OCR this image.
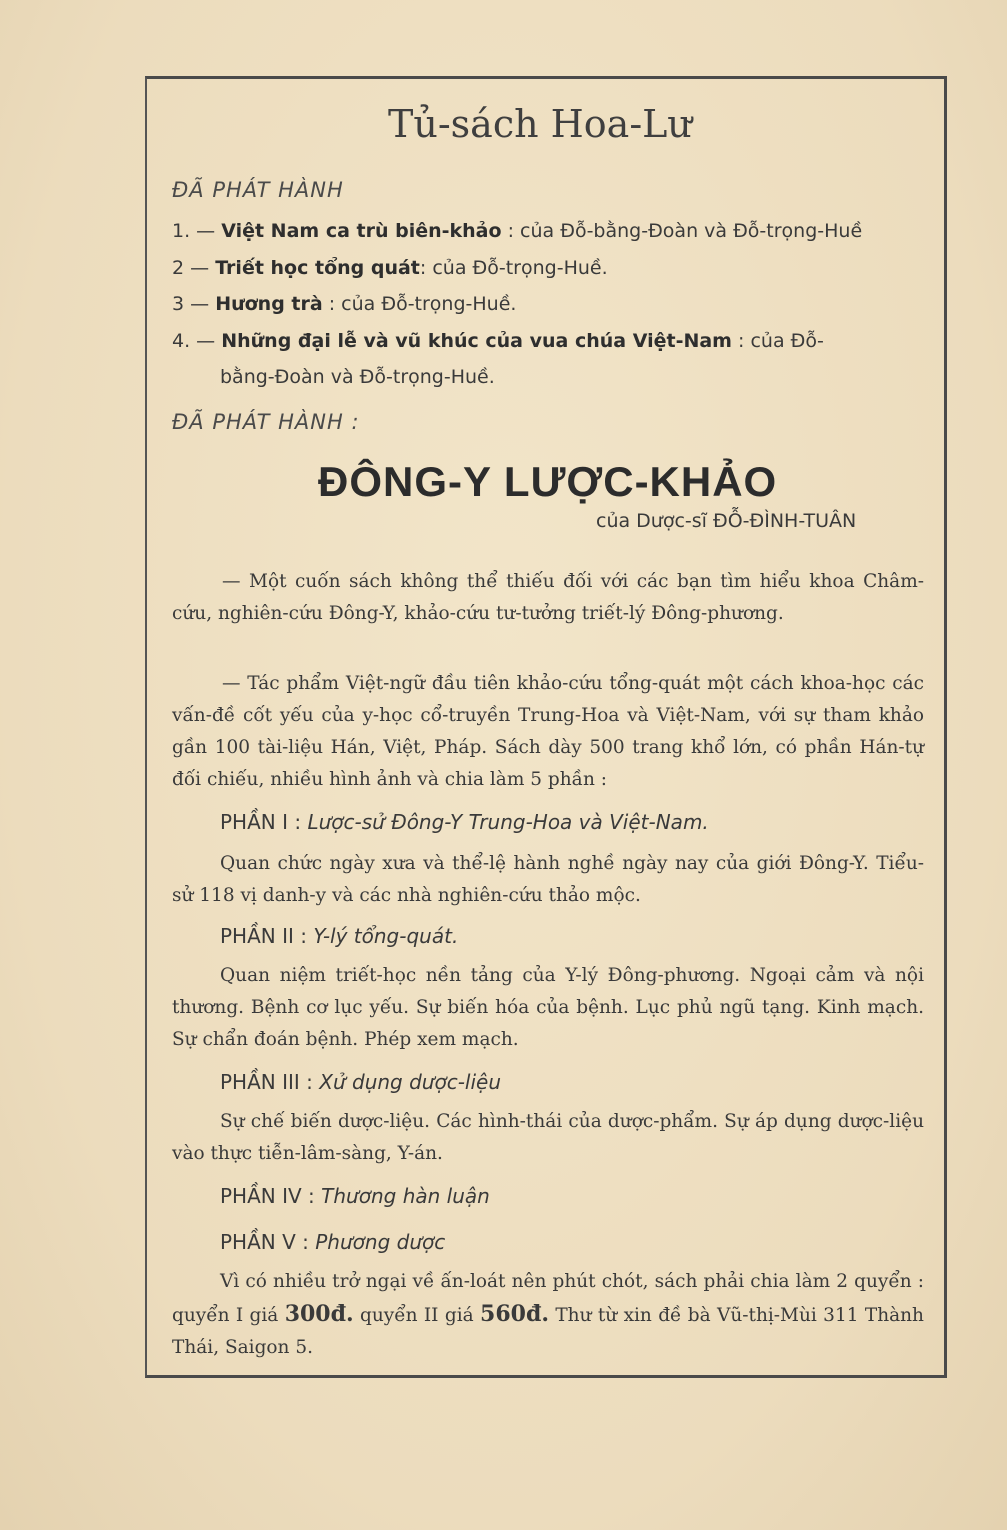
Tủ-sách Hoa-Lư
ĐÃ PHÁT HÀNH
1. — Việt Nam ca trù biên-khảo : của Đỗ-bằng-Đoàn và Đỗ-trọng-Huề
2 — Triết học tổng quát: của Đỗ-trọng-Huề.
3 — Hương trà : của Đỗ-trọng-Huề.
4. — Những đại lễ và vũ khúc của vua chúa Việt-Nam : của Đỗ-
bằng-Đoàn và Đỗ-trọng-Huề.
ĐÃ PHÁT HÀNH :
ĐÔNG-Y LƯỢC-KHẢO
của Dược-sĩ ĐỖ-ĐÌNH-TUÂN
— Một cuốn sách không thể thiếu đối với các bạn tìm hiểu khoa Châm-cứu, nghiên-cứu Đông-Y, khảo-cứu tư-tưởng triết-lý Đông-phương.
— Tác phẩm Việt-ngữ đầu tiên khảo-cứu tổng-quát một cách khoa-học các vấn-đề cốt yếu của y-học cổ-truyền Trung-Hoa và Việt-Nam, với sự tham khảo gần 100 tài-liệu Hán, Việt, Pháp. Sách dày 500 trang khổ lớn, có phần Hán-tự đối chiếu, nhiều hình ảnh và chia làm 5 phần :
PHẦN I : Lược-sử Đông-Y Trung-Hoa và Việt-Nam.
Quan chức ngày xưa và thể-lệ hành nghề ngày nay của giới Đông-Y. Tiểu-sử 118 vị danh-y và các nhà nghiên-cứu thảo mộc.
PHẦN II : Y-lý tổng-quát.
Quan niệm triết-học nền tảng của Y-lý Đông-phương. Ngoại cảm và nội thương. Bệnh cơ lục yếu. Sự biến hóa của bệnh. Lục phủ ngũ tạng. Kinh mạch. Sự chẩn đoán bệnh. Phép xem mạch.
PHẦN III : Xử dụng dược-liệu
Sự chế biến dược-liệu. Các hình-thái của dược-phẩm. Sự áp dụng dược-liệu vào thực tiễn-lâm-sàng, Y-án.
PHẦN IV : Thương hàn luận
PHẦN V : Phương dược
Vì có nhiều trở ngại về ấn-loát nên phút chót, sách phải chia làm 2 quyển : quyển I giá 300đ. quyển II giá 560đ. Thư từ xin đề bà Vũ-thị-Mùi 311 Thành Thái, Saigon 5.
